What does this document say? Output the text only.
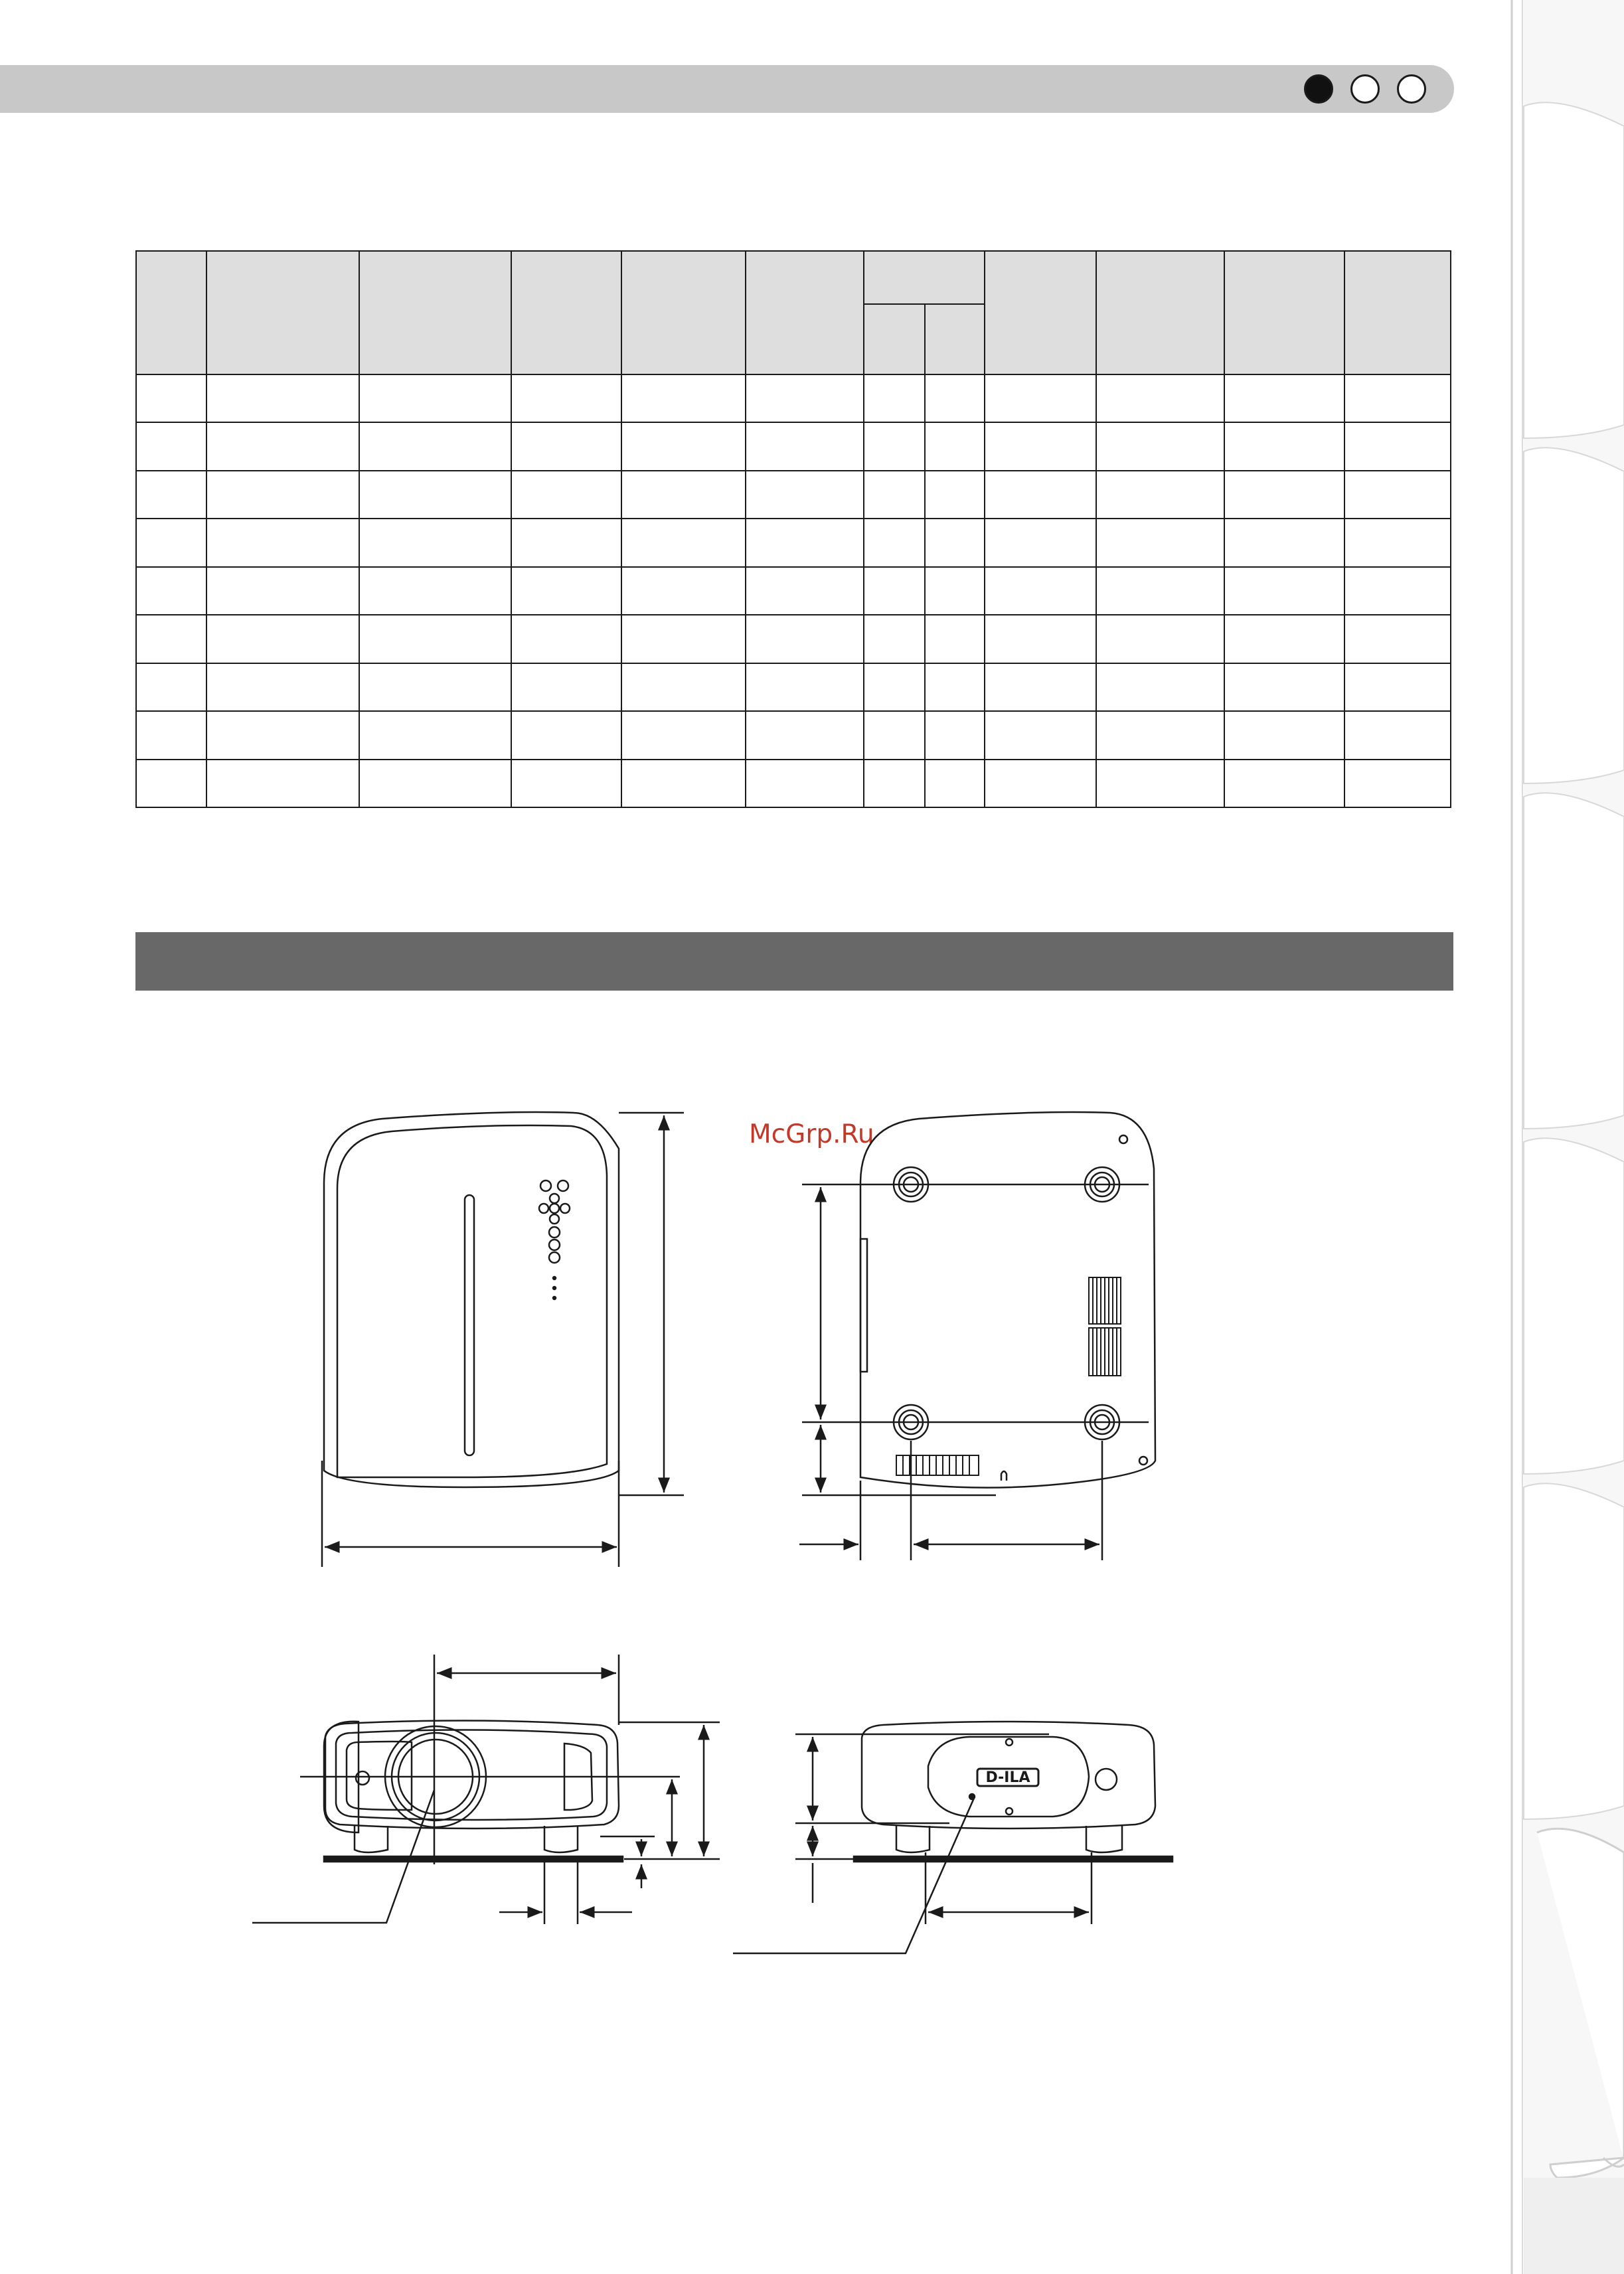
McGrp.Ru
D-ILA
